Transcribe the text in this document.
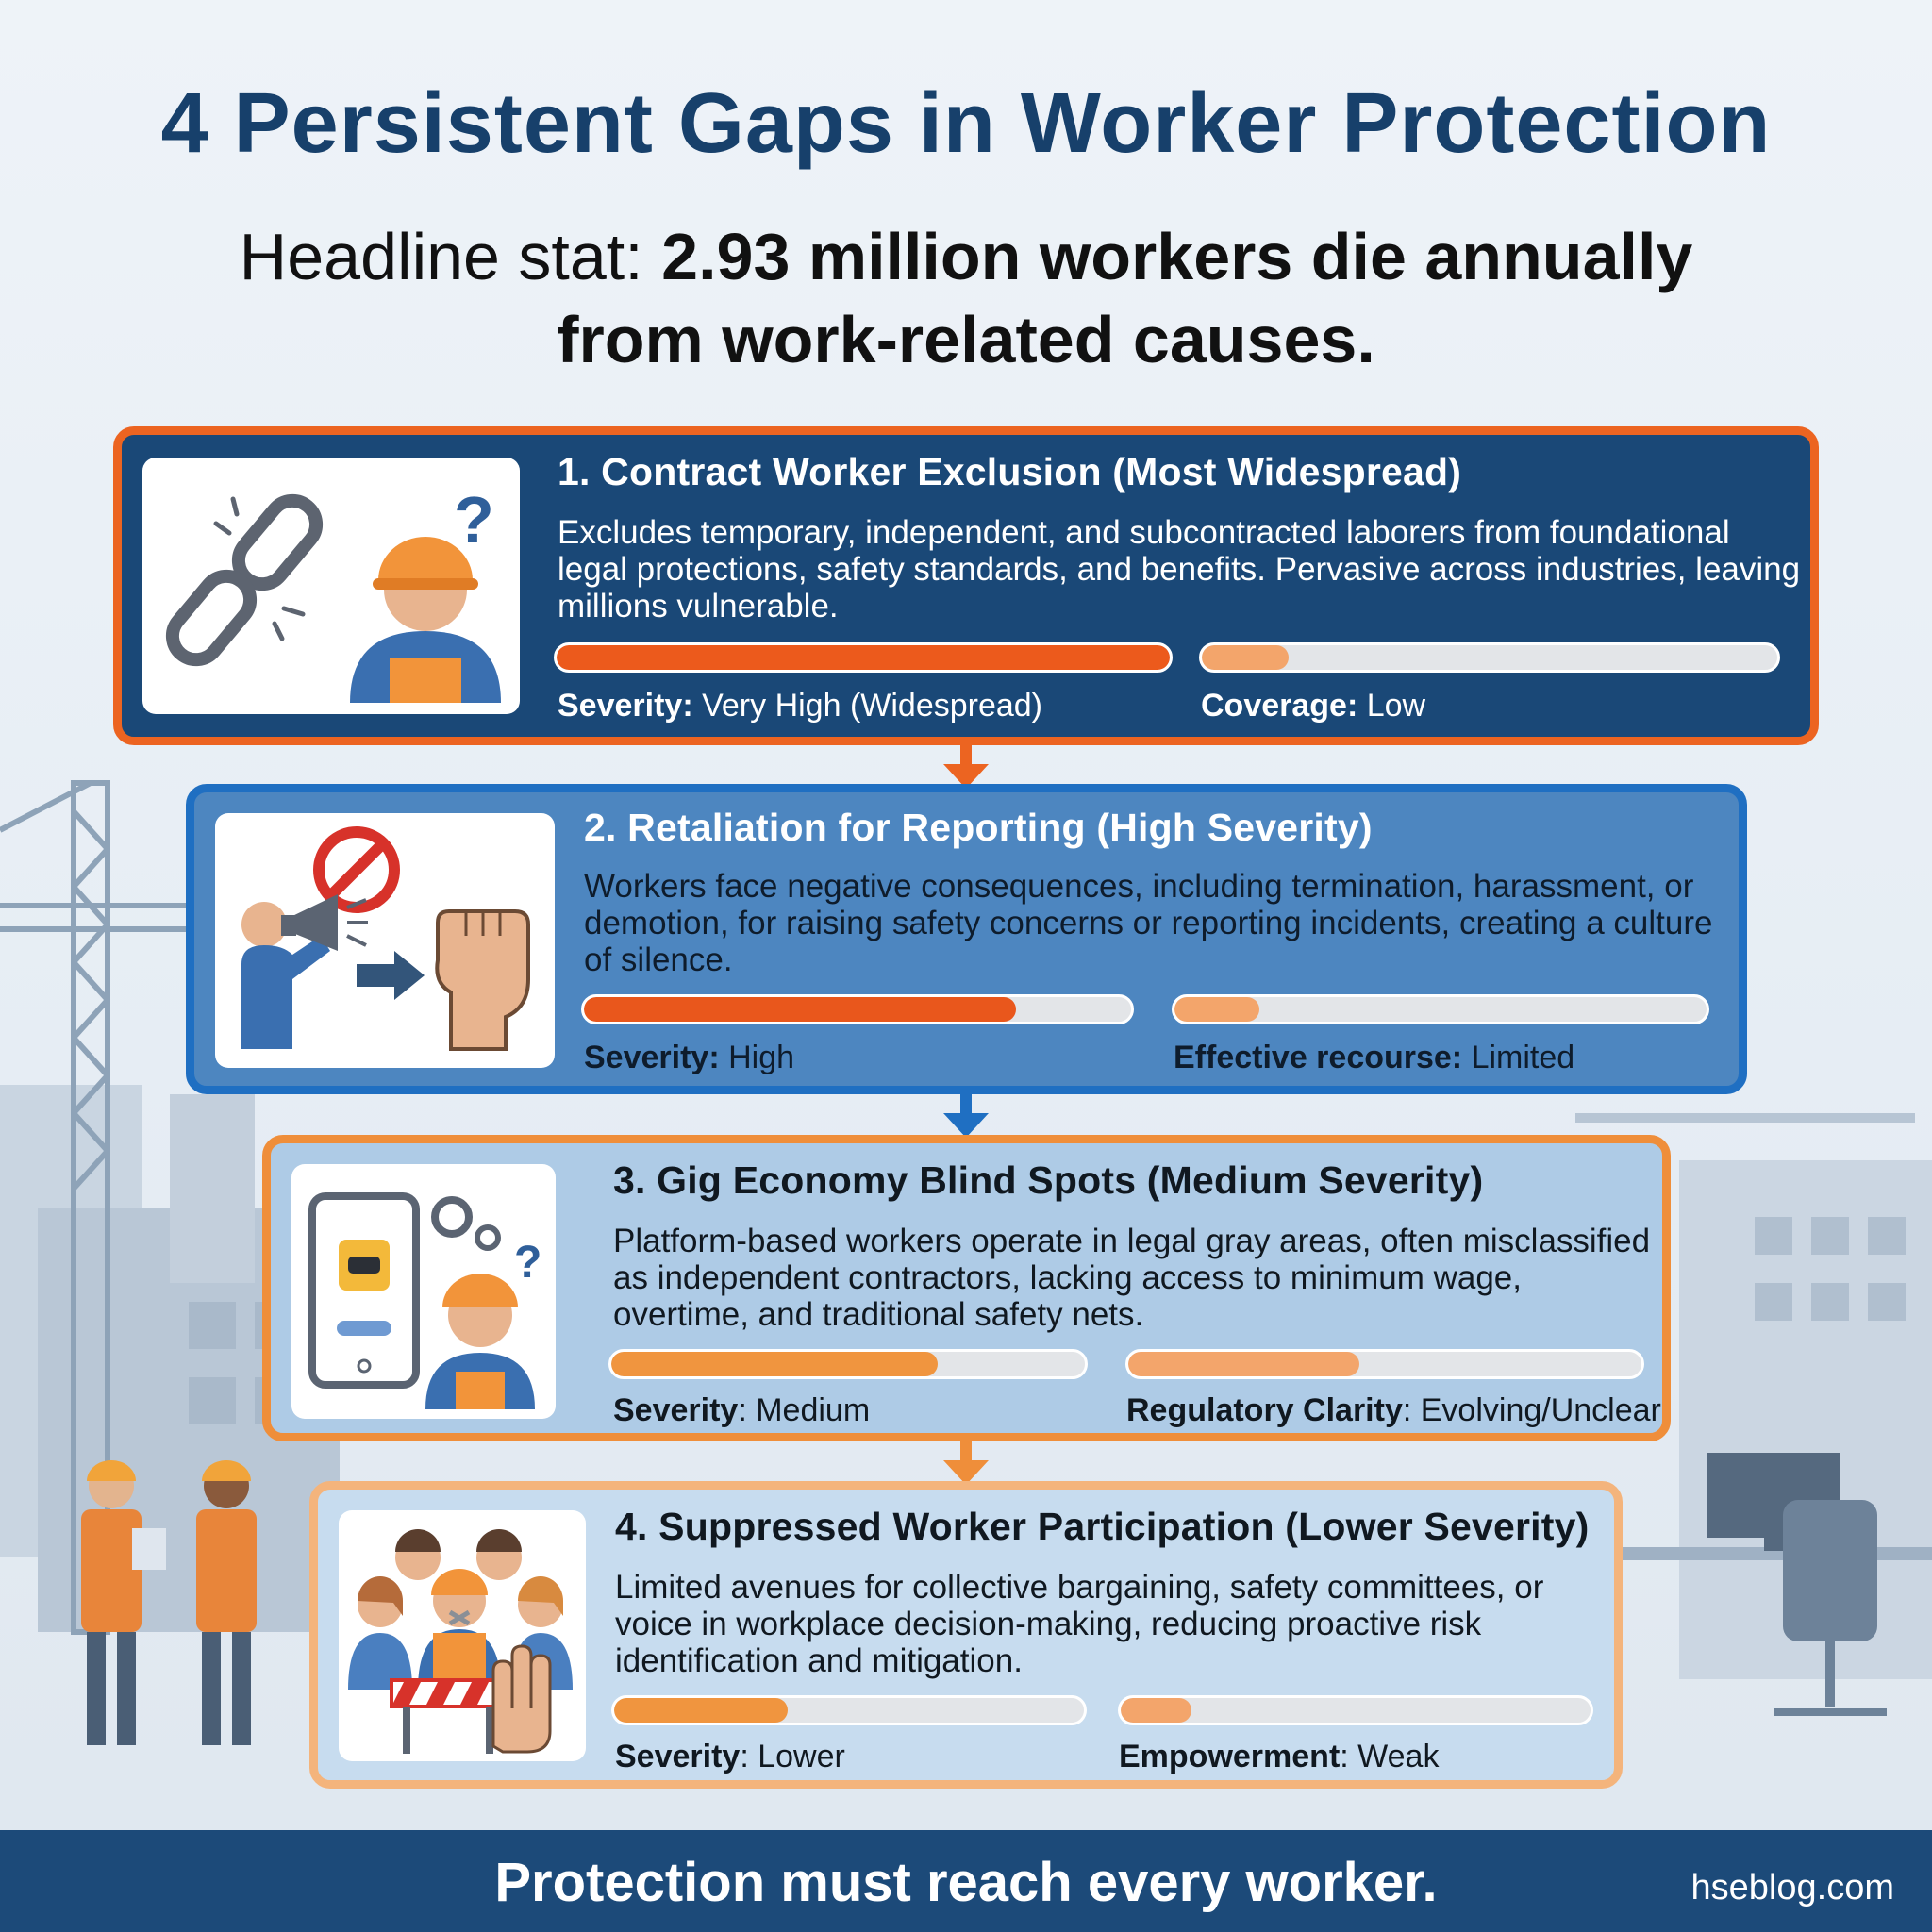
4 Persistent Gaps in Worker Protection
Headline stat: 2.93 million workers die annually from work-related causes.
?
1. Contract Worker Exclusion (Most Widespread)

Excludes temporary, independent, and subcontracted laborers from foundational legal protections, safety standards, and benefits. Pervasive across industries, leaving millions vulnerable.

Severity: Very High (Widespread)	Coverage: Low
2. Retaliation for Reporting (High Severity)

Workers face negative consequences, including termination, harassment, or demotion, for raising safety concerns or reporting incidents, creating a culture of silence.

Severity: High	Effective recourse: Limited
?
3. Gig Economy Blind Spots (Medium Severity)

Platform-based workers operate in legal gray areas, often misclassified as independent contractors, lacking access to minimum wage, overtime, and traditional safety nets.

Severity: Medium	Regulatory Clarity: Evolving/Unclear
4. Suppressed Worker Participation (Lower Severity)

Limited avenues for collective bargaining, safety committees, or voice in workplace decision-making, reducing proactive risk identification and mitigation.

Severity: Lower	Empowerment: Weak
Protection must reach every worker.	hseblog.com
